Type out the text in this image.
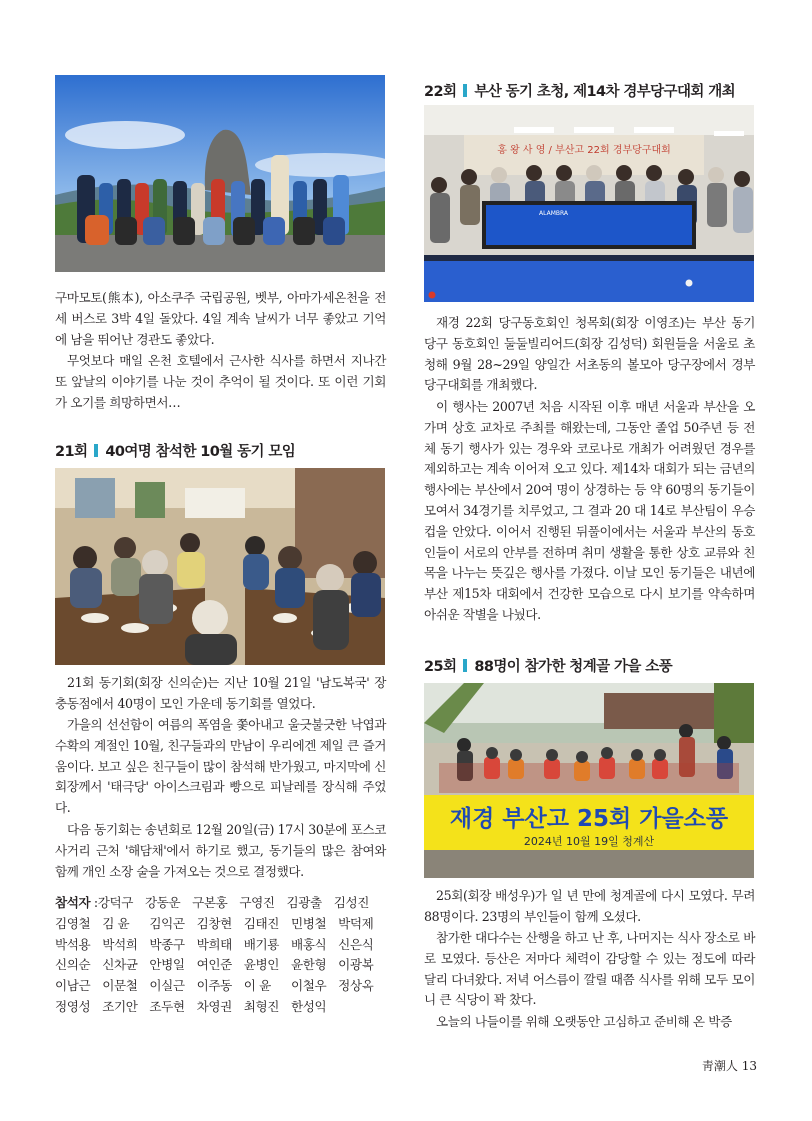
구마모토(熊本), 아소쿠주 국립공원, 벳부, 아마가세온천을 전세 버스로 3박 4일 돌았다. 4일 계속 날씨가 너무 좋았고 기억에 남을 뛰어난 경관도 좋았다.

무엇보다 매일 온천 호텔에서 근사한 식사를 하면서 지나간 또 앞날의 이야기를 나눈 것이 추억이 될 것이다. 또 이런 기회가 오기를 희망하면서…

21회 40여명 참석한 10월 동기 모임

21회 동기회(회장 신의순)는 지난 10월 21일 '남도복국' 장충동점에서 40명이 모인 가운데 동기회를 열었다.

가을의 선선함이 여름의 폭염을 쫓아내고 울긋불긋한 낙엽과 수확의 계절인 10월, 친구들과의 만남이 우리에겐 제일 큰 즐거움이다. 보고 싶은 친구들이 많이 참석해 반가웠고, 마지막에 신 회장께서 '태극당' 아이스크림과 빵으로 피날레를 장식해 주었다.

다음 동기회는 송년회로 12월 20일(금) 17시 30분에 포스코 사거리 근처 '해담채'에서 하기로 했고, 동기들의 많은 참여와 함께 개인 소장 술을 가져오는 것으로 결정했다.

참석자 : 강덕구 강동운 구본홍 구영진 김광출 김성진
김영철 김 윤	김익곤 김창현 김태진 민병철 박덕제
박석용 박석희 박종구 박희태 배기룡 배홍식 신은식
신의순 신차균 안병일 여인준 윤병인 윤한형 이광복
이남근 이문철 이실근 이주동 이 윤	이철우 정상옥
정영성 조기안 조두현 차영권 최형진 한성익
22회 부산 동기 초청, 제14차 경부당구대회 개최
홍 왕 사 영 / 부산고 22회 경부당구대회
ALAMBRA

재경 22회 당구동호회인 청목회(회장 이영조)는 부산 동기 당구 동호회인 둘둘빌리어드(회장 김성덕) 회원들을 서울로 초청해 9월 28~29일 양일간 서초동의 볼모아 당구장에서 경부당구대회를 개최했다.

이 행사는 2007년 처음 시작된 이후 매년 서울과 부산을 오가며 상호 교차로 주최를 해왔는데, 그동안 졸업 50주년 등 전체 동기 행사가 있는 경우와 코로나로 개최가 어려웠던 경우를 제외하고는 계속 이어져 오고 있다. 제14차 대회가 되는 금년의 행사에는 부산에서 20여 명이 상경하는 등 약 60명의 동기들이 모여서 34경기를 치루었고, 그 결과 20 대 14로 부산팀이 우승컵을 안았다. 이어서 진행된 뒤풀이에서는 서울과 부산의 동호인들이 서로의 안부를 전하며 취미 생활을 통한 상호 교류와 친목을 나누는 뜻깊은 행사를 가졌다. 이날 모인 동기들은 내년에 부산 제15차 대회에서 건강한 모습으로 다시 보기를 약속하며 아쉬운 작별을 나눴다.

25회 88명이 참가한 청계골 가을 소풍
재경 부산고 25회 가을소풍
2024년 10월 19일 청계산

25회(회장 배성우)가 일 년 만에 청계골에 다시 모였다. 무려 88명이다. 23명의 부인들이 함께 오셨다.

참가한 대다수는 산행을 하고 난 후, 나머지는 식사 장소로 바로 모였다. 등산은 저마다 체력이 감당할 수 있는 정도에 따라 달리 다녀왔다. 저녁 어스름이 깔릴 때쯤 식사를 위해 모두 모이니 큰 식당이 꽉 찼다.

오늘의 나들이를 위해 오랫동안 고심하고 준비해 온 박증

靑潮人 13
